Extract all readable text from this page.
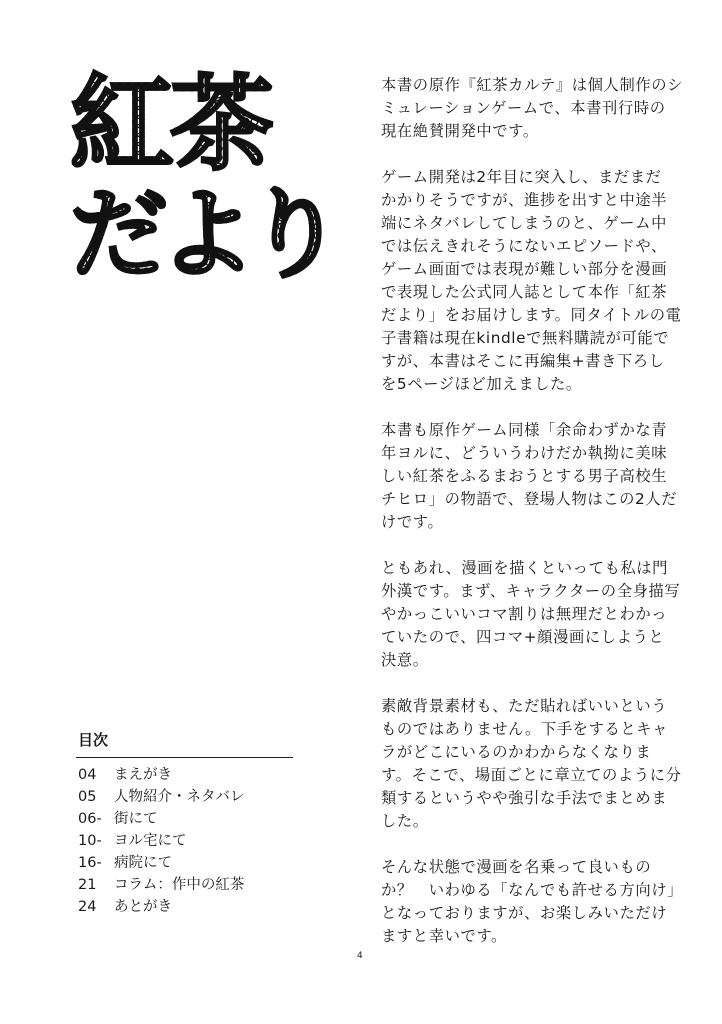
紅茶
だより
本書の原作『紅茶カルテ』は個人制作のシ
ミュレーションゲームで、本書刊行時の
現在絶賛開発中です。
ゲーム開発は2年目に突入し、まだまだ
かかりそうですが、進捗を出すと中途半
端にネタバレしてしまうのと、ゲーム中
では伝えきれそうにないエピソードや、
ゲーム画面では表現が難しい部分を漫画
で表現した公式同人誌として本作「紅茶
だより」をお届けします。同タイトルの電
子書籍は現在kindleで無料購読が可能で
すが、本書はそこに再編集+書き下ろし
を5ページほど加えました。
本書も原作ゲーム同様「余命わずかな青
年ヨルに、どういうわけだか執拗に美味
しい紅茶をふるまおうとする男子高校生
チヒロ」の物語で、登場人物はこの2人だ
けです。
ともあれ、漫画を描くといっても私は門
外漢です。まず、キャラクターの全身描写
やかっこいいコマ割りは無理だとわかっ
ていたので、四コマ+顔漫画にしようと
決意。
素敵背景素材も、ただ貼ればいいという
ものではありません。下手をするとキャ
ラがどこにいるのかわからなくなりま
す。そこで、場面ごとに章立てのように分
類するというやや強引な手法でまとめま
した。
そんな状態で漫画を名乗って良いもの
か？　いわゆる「なんでも許せる方向け」
となっておりますが、お楽しみいただけ
ますと幸いです。
目次
04	まえがき
05	人物紹介・ネタバレ
06- 街にて
10- ヨル宅にて
16- 病院にて
21	コラム：作中の紅茶
24	あとがき
4
